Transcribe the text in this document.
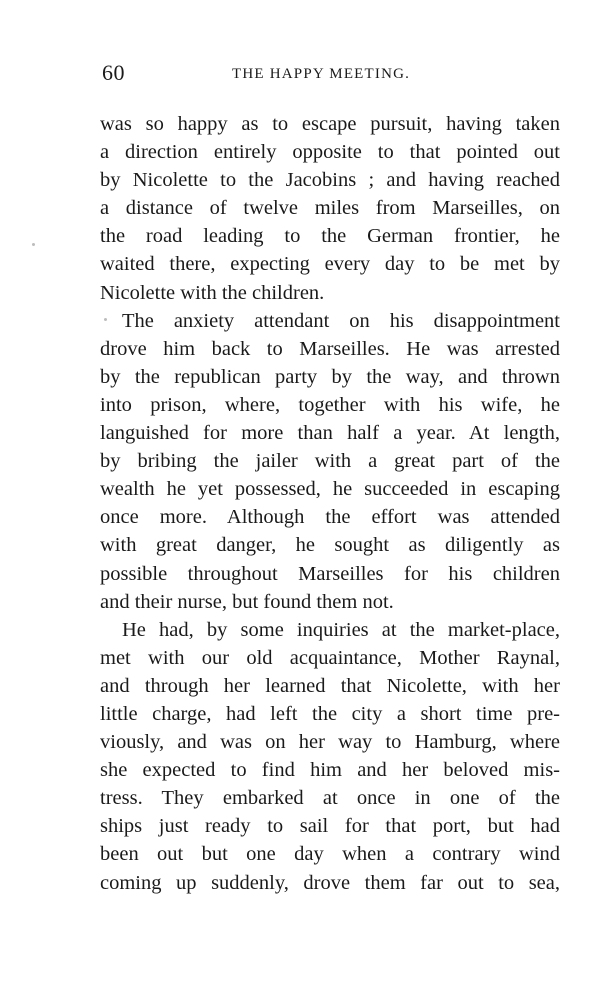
60	THE HAPPY MEETING.
was so happy as to escape pursuit, having taken
a direction entirely opposite to that pointed out
by Nicolette to the Jacobins ; and having reached
a distance of twelve miles from Marseilles, on
the road leading to the German frontier, he
waited there, expecting every day to be met by
Nicolette with the children.
The anxiety attendant on his disappointment
drove him back to Marseilles. He was arrested
by the republican party by the way, and thrown
into prison, where, together with his wife, he
languished for more than half a year. At length,
by bribing the jailer with a great part of the
wealth he yet possessed, he succeeded in escaping
once more. Although the effort was attended
with great danger, he sought as diligently as
possible throughout Marseilles for his children
and their nurse, but found them not.
He had, by some inquiries at the market-place,
met with our old acquaintance, Mother Raynal,
and through her learned that Nicolette, with her
little charge, had left the city a short time pre-
viously, and was on her way to Hamburg, where
she expected to find him and her beloved mis-
tress. They embarked at once in one of the
ships just ready to sail for that port, but had
been out but one day when a contrary wind
coming up suddenly, drove them far out to sea,
